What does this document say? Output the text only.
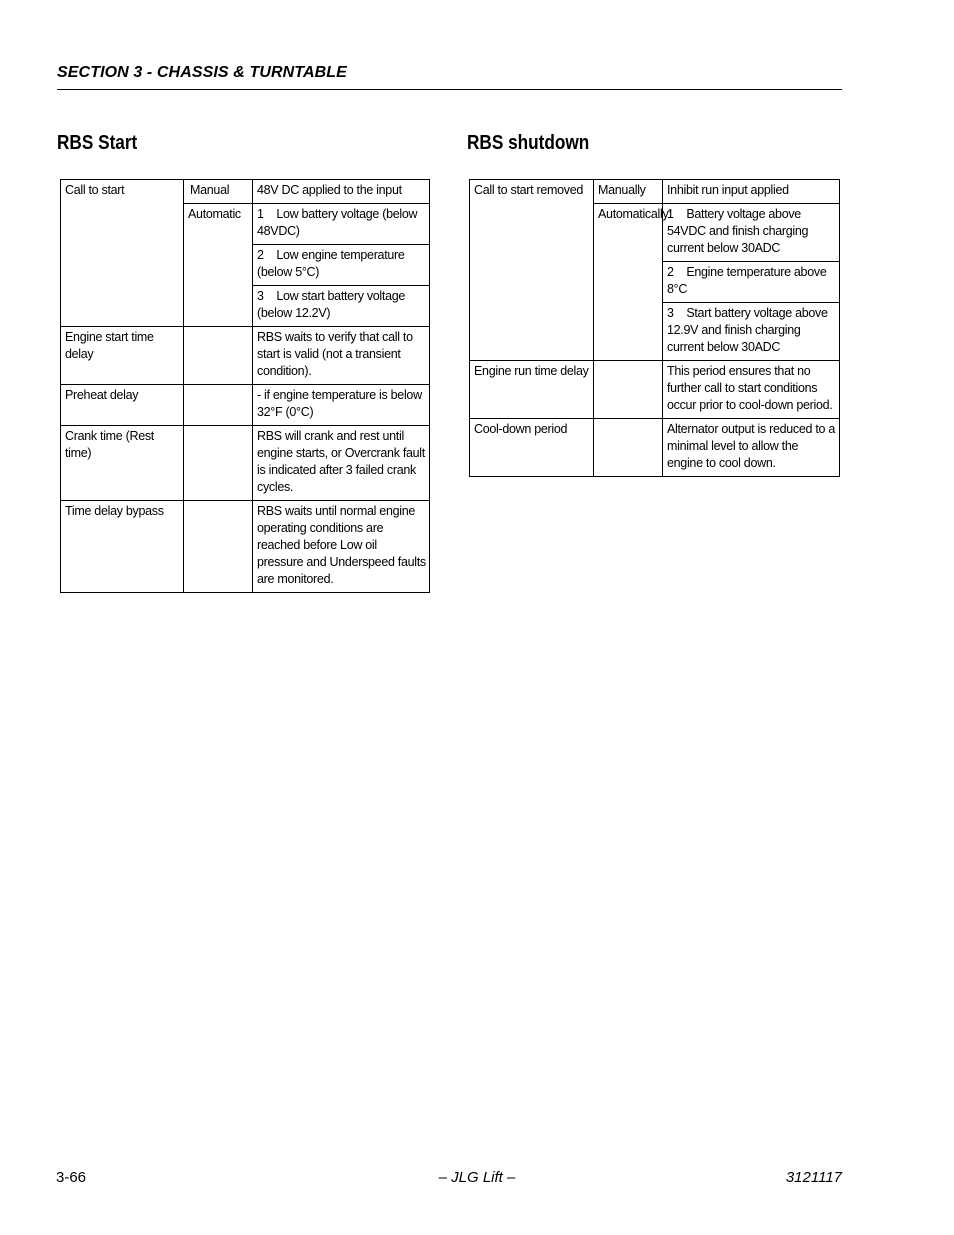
SECTION 3 - CHASSIS & TURNTABLE
RBS Start	RBS shutdown
Call to start	Manual	48V DC applied to the input
	Automatic	1    Low battery voltage (below 48VDC)
		2    Low engine temperature (below 5°C)
		3    Low start battery voltage (below 12.2V)
Engine start time delay		RBS waits to verify that call to start is valid (not a transient condition).
Preheat delay		- if engine temperature is below 32°F (0°C)
Crank time (Rest time)		RBS will crank and rest until engine starts, or Overcrank fault is indicated after 3 failed crank cycles.
Time delay bypass		RBS waits until normal engine operating conditions are reached before Low oil pressure and Underspeed faults are monitored.
Call to start removed	Manually	Inhibit run input applied
	Automatically:	1    Battery voltage above 54VDC and finish charging current below 30ADC
		2    Engine temperature above 8°C
		3    Start battery voltage above 12.9V and finish charging current below 30ADC
Engine run time delay		This period ensures that no further call to start conditions occur prior to cool-down period.
Cool-down period		Alternator output is reduced to a minimal level to allow the engine to cool down.
3-66	– JLG Lift –	3121117
